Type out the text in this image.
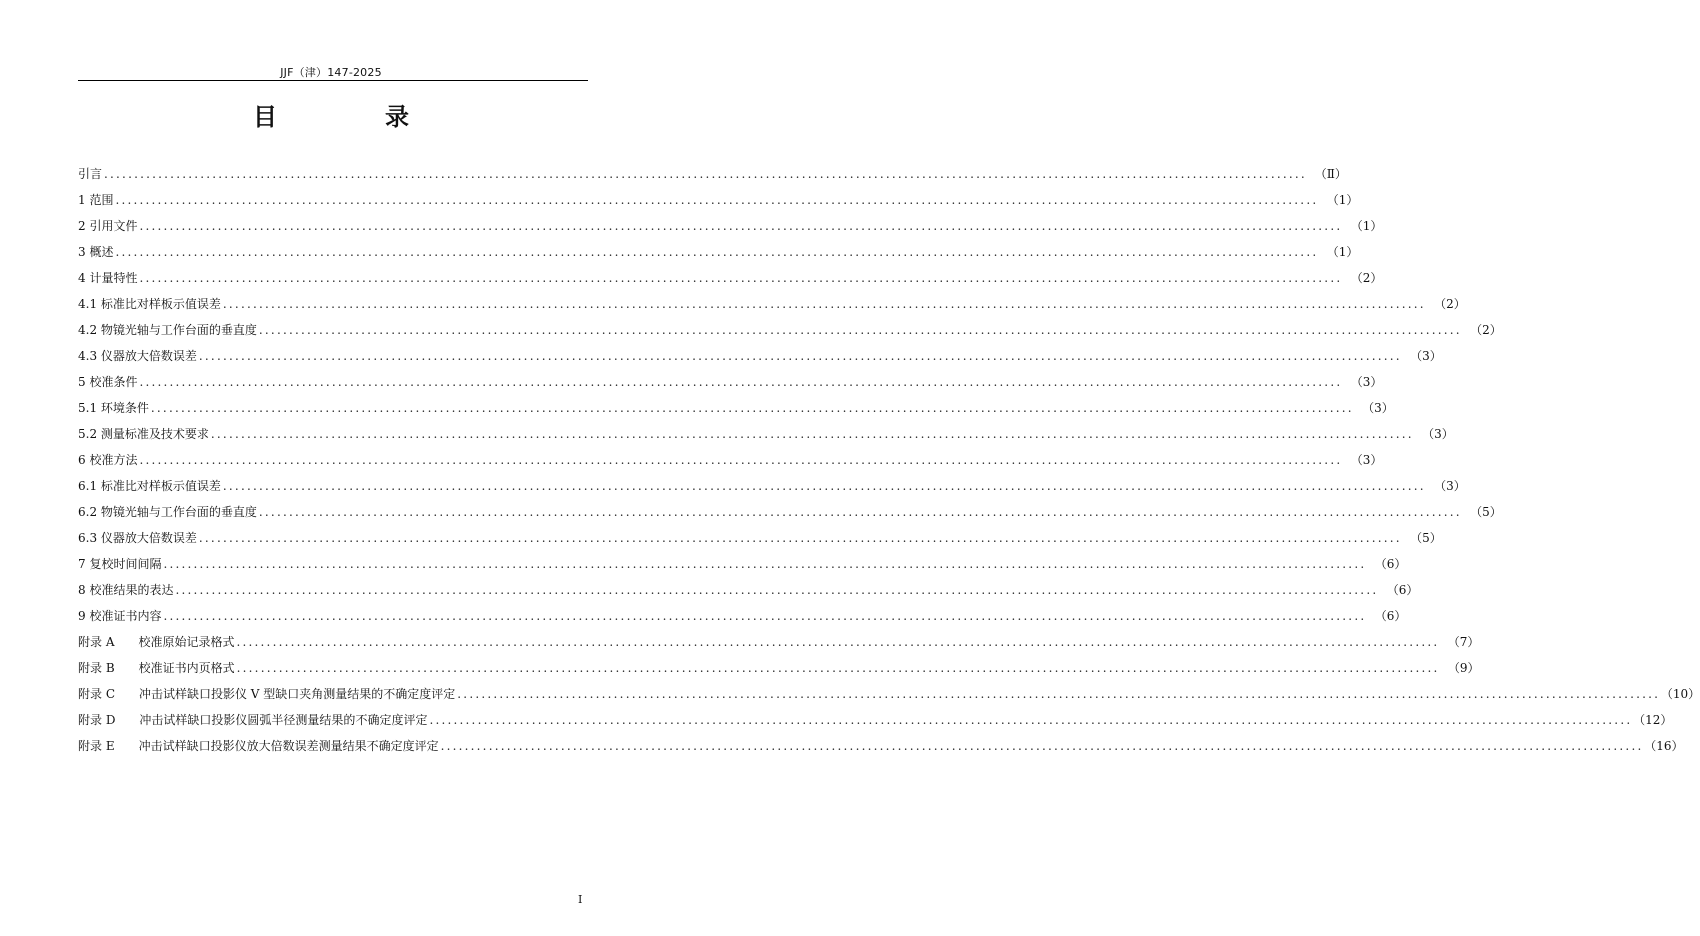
JJF（津）147-2025
目　录
引言 ........................................................................................................................................................................................................ （Ⅱ）
1 范围 ........................................................................................................................................................................................................ （1）
2 引用文件 ........................................................................................................................................................................................................ （1）
3 概述 ........................................................................................................................................................................................................ （1）
4 计量特性 ........................................................................................................................................................................................................ （2）
4.1 标准比对样板示值误差 ........................................................................................................................................................................................................ （2）
4.2 物镜光轴与工作台面的垂直度 ........................................................................................................................................................................................................ （2）
4.3 仪器放大倍数误差 ........................................................................................................................................................................................................ （3）
5 校准条件 ........................................................................................................................................................................................................ （3）
5.1 环境条件 ........................................................................................................................................................................................................ （3）
5.2 测量标准及技术要求 ........................................................................................................................................................................................................ （3）
6 校准方法 ........................................................................................................................................................................................................ （3）
6.1 标准比对样板示值误差 ........................................................................................................................................................................................................ （3）
6.2 物镜光轴与工作台面的垂直度 ........................................................................................................................................................................................................ （5）
6.3 仪器放大倍数误差 ........................................................................................................................................................................................................ （5）
7 复校时间间隔 ........................................................................................................................................................................................................ （6）
8 校准结果的表达 ........................................................................................................................................................................................................ （6）
9 校准证书内容 ........................................................................................................................................................................................................ （6）
附录 A　　校准原始记录格式 ........................................................................................................................................................................................................ （7）
附录 B　　校准证书内页格式 ........................................................................................................................................................................................................ （9）
附录 C　　冲击试样缺口投影仪 V 型缺口夹角测量结果的不确定度评定 ........................................................................................................................................................................................................ （10）
附录 D　　冲击试样缺口投影仪圆弧半径测量结果的不确定度评定 ........................................................................................................................................................................................................ （12）
附录 E　　冲击试样缺口投影仪放大倍数误差测量结果不确定度评定 ........................................................................................................................................................................................................ （16）
I
